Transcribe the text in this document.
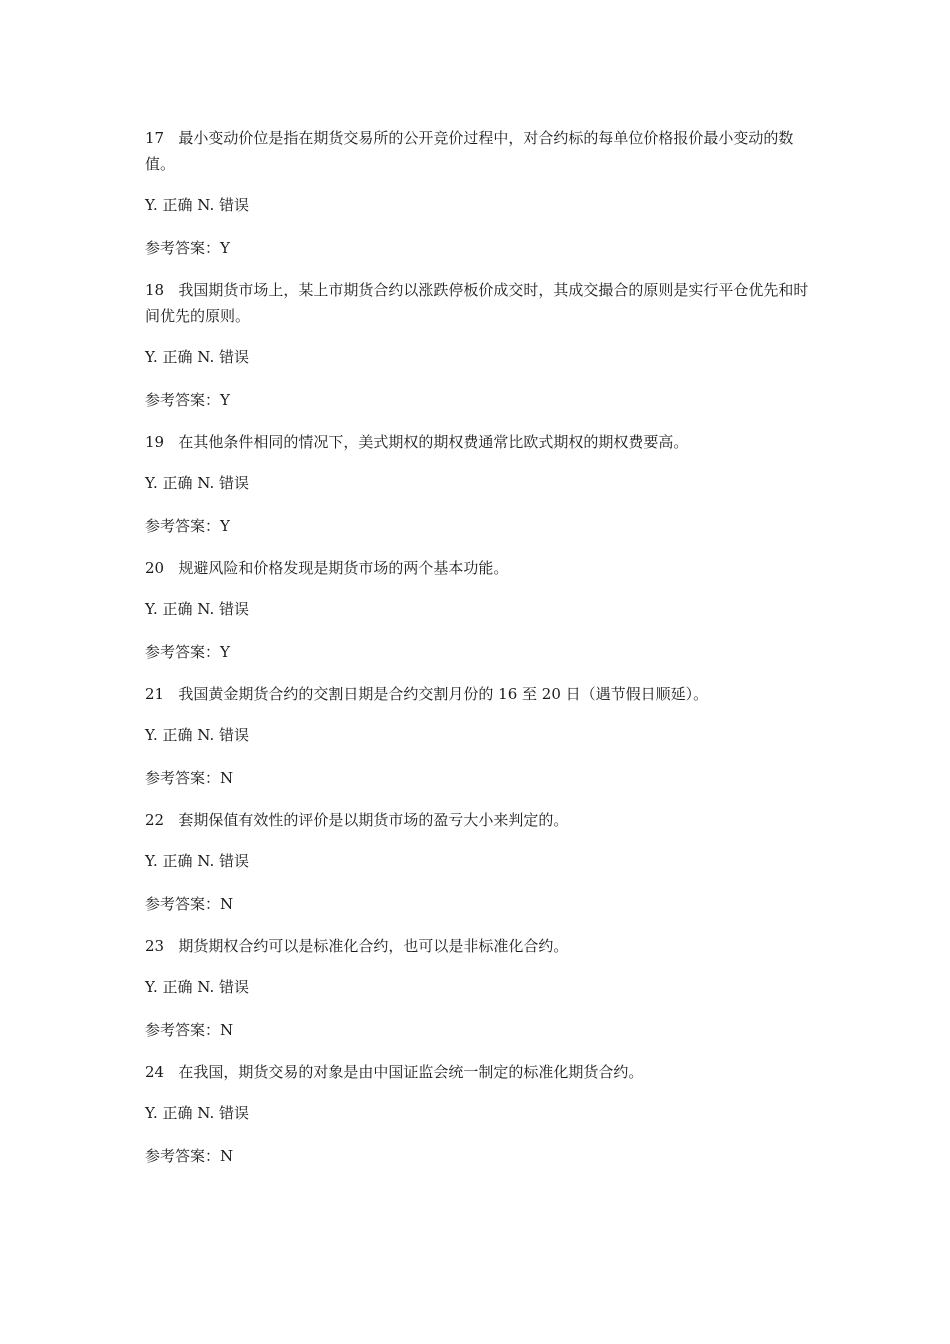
17 最小变动价位是指在期货交易所的公开竞价过程中，对合约标的每单位价格报价最小变动的数值。

Y. 正确 N. 错误

参考答案：Y

18 我国期货市场上，某上市期货合约以涨跌停板价成交时，其成交撮合的原则是实行平仓优先和时间优先的原则。

Y. 正确 N. 错误

参考答案：Y

19 在其他条件相同的情况下，美式期权的期权费通常比欧式期权的期权费要高。

Y. 正确 N. 错误

参考答案：Y

20 规避风险和价格发现是期货市场的两个基本功能。

Y. 正确 N. 错误

参考答案：Y

21 我国黄金期货合约的交割日期是合约交割月份的 16 至 20 日（遇节假日顺延）。

Y. 正确 N. 错误

参考答案：N

22 套期保值有效性的评价是以期货市场的盈亏大小来判定的。

Y. 正确 N. 错误

参考答案：N

23 期货期权合约可以是标准化合约，也可以是非标准化合约。

Y. 正确 N. 错误

参考答案：N

24 在我国，期货交易的对象是由中国证监会统一制定的标准化期货合约。

Y. 正确 N. 错误

参考答案：N
